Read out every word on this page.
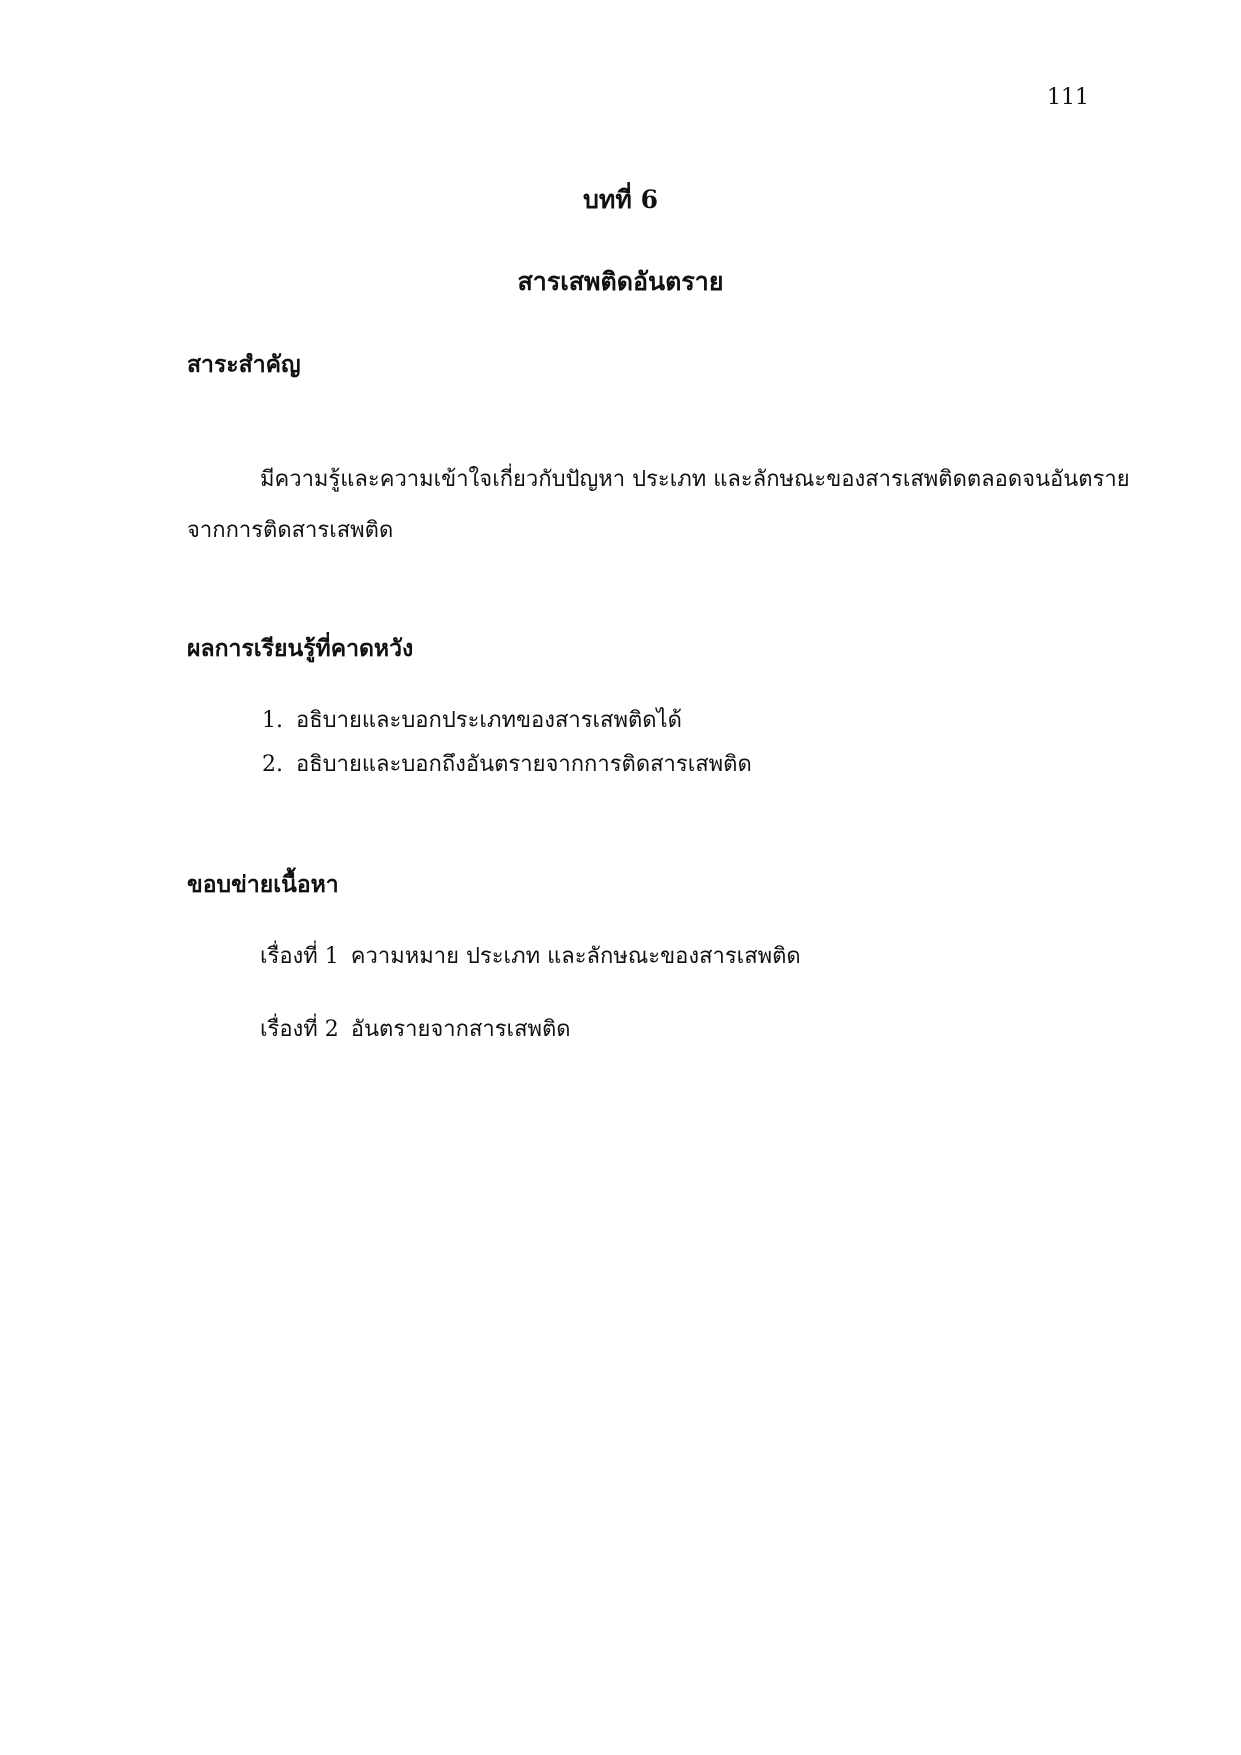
111
บทที่ 6
สารเสพติดอันตราย
สาระสำคัญ
มีความรู้และความเข้าใจเกี่ยวกับปัญหา ประเภท และลักษณะของสารเสพติดตลอดจนอันตราย
จากการติดสารเสพติด
ผลการเรียนรู้ที่คาดหวัง
1. อธิบายและบอกประเภทของสารเสพติดได้
2. อธิบายและบอกถึงอันตรายจากการติดสารเสพติด
ขอบข่ายเนื้อหา
เรื่องที่ 1 ความหมาย ประเภท และลักษณะของสารเสพติด
เรื่องที่ 2 อันตรายจากสารเสพติด
